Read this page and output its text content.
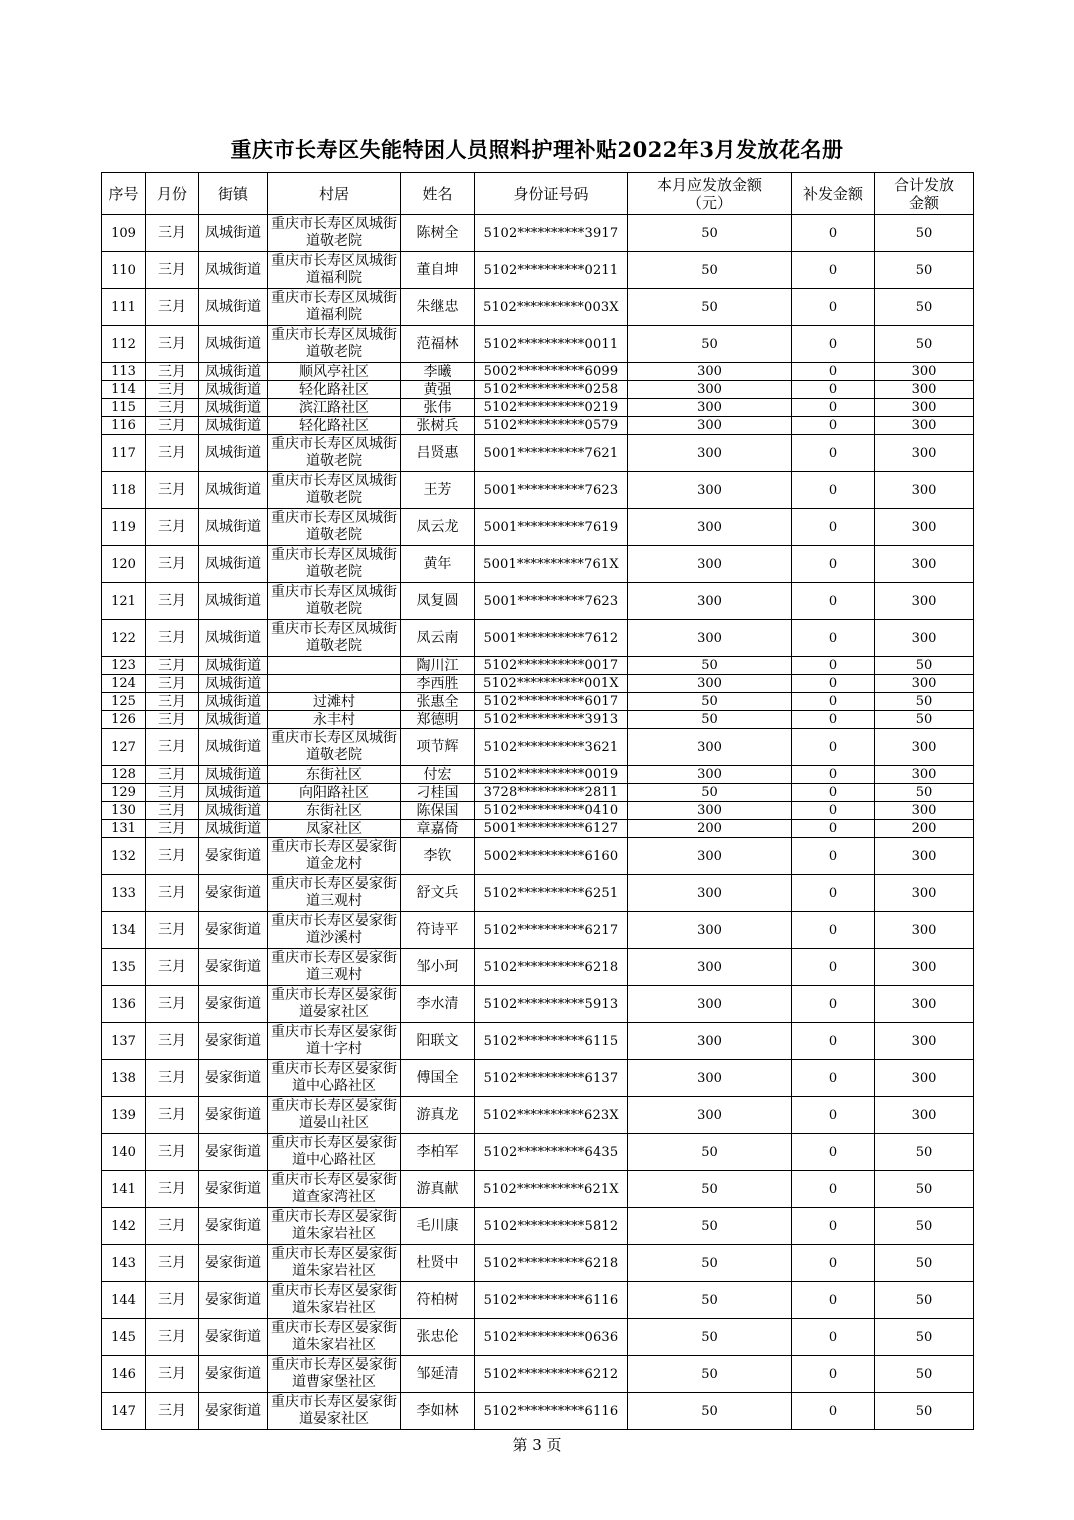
重庆市长寿区失能特困人员照料护理补贴2022年3月发放花名册
序号	月份	街镇	村居	姓名	身份证号码	本月应发放金额（元）	补发金额	合计发放金额
109	三月	凤城街道	重庆市长寿区凤城街道敬老院	陈树全	5102**********3917	50	0	50
110	三月	凤城街道	重庆市长寿区凤城街道福利院	董自坤	5102**********0211	50	0	50
111	三月	凤城街道	重庆市长寿区凤城街道福利院	朱继忠	5102**********003X	50	0	50
112	三月	凤城街道	重庆市长寿区凤城街道敬老院	范福林	5102**********0011	50	0	50
113	三月	凤城街道	顺风亭社区	李曦	5002**********6099	300	0	300
114	三月	凤城街道	轻化路社区	黄强	5102**********0258	300	0	300
115	三月	凤城街道	滨江路社区	张伟	5102**********0219	300	0	300
116	三月	凤城街道	轻化路社区	张树兵	5102**********0579	300	0	300
117	三月	凤城街道	重庆市长寿区凤城街道敬老院	吕贤惠	5001**********7621	300	0	300
118	三月	凤城街道	重庆市长寿区凤城街道敬老院	王芳	5001**********7623	300	0	300
119	三月	凤城街道	重庆市长寿区凤城街道敬老院	凤云龙	5001**********7619	300	0	300
120	三月	凤城街道	重庆市长寿区凤城街道敬老院	黄年	5001**********761X	300	0	300
121	三月	凤城街道	重庆市长寿区凤城街道敬老院	凤复圆	5001**********7623	300	0	300
122	三月	凤城街道	重庆市长寿区凤城街道敬老院	凤云南	5001**********7612	300	0	300
123	三月	凤城街道		陶川江	5102**********0017	50	0	50
124	三月	凤城街道		李西胜	5102**********001X	300	0	300
125	三月	凤城街道	过滩村	张惠全	5102**********6017	50	0	50
126	三月	凤城街道	永丰村	郑德明	5102**********3913	50	0	50
127	三月	凤城街道	重庆市长寿区凤城街道敬老院	项节辉	5102**********3621	300	0	300
128	三月	凤城街道	东街社区	付宏	5102**********0019	300	0	300
129	三月	凤城街道	向阳路社区	刁桂国	3728**********2811	50	0	50
130	三月	凤城街道	东街社区	陈保国	5102**********0410	300	0	300
131	三月	凤城街道	凤家社区	章嘉倚	5001**********6127	200	0	200
132	三月	晏家街道	重庆市长寿区晏家街道金龙村	李钦	5002**********6160	300	0	300
133	三月	晏家街道	重庆市长寿区晏家街道三观村	舒文兵	5102**********6251	300	0	300
134	三月	晏家街道	重庆市长寿区晏家街道沙溪村	符诗平	5102**********6217	300	0	300
135	三月	晏家街道	重庆市长寿区晏家街道三观村	邹小珂	5102**********6218	300	0	300
136	三月	晏家街道	重庆市长寿区晏家街道晏家社区	李水清	5102**********5913	300	0	300
137	三月	晏家街道	重庆市长寿区晏家街道十字村	阳联文	5102**********6115	300	0	300
138	三月	晏家街道	重庆市长寿区晏家街道中心路社区	傅国全	5102**********6137	300	0	300
139	三月	晏家街道	重庆市长寿区晏家街道晏山社区	游真龙	5102**********623X	300	0	300
140	三月	晏家街道	重庆市长寿区晏家街道中心路社区	李柏军	5102**********6435	50	0	50
141	三月	晏家街道	重庆市长寿区晏家街道查家湾社区	游真献	5102**********621X	50	0	50
142	三月	晏家街道	重庆市长寿区晏家街道朱家岩社区	毛川康	5102**********5812	50	0	50
143	三月	晏家街道	重庆市长寿区晏家街道朱家岩社区	杜贤中	5102**********6218	50	0	50
144	三月	晏家街道	重庆市长寿区晏家街道朱家岩社区	符柏树	5102**********6116	50	0	50
145	三月	晏家街道	重庆市长寿区晏家街道朱家岩社区	张忠伦	5102**********0636	50	0	50
146	三月	晏家街道	重庆市长寿区晏家街道曹家堡社区	邹延清	5102**********6212	50	0	50
147	三月	晏家街道	重庆市长寿区晏家街道晏家社区	李如林	5102**********6116	50	0	50
第 3 页
